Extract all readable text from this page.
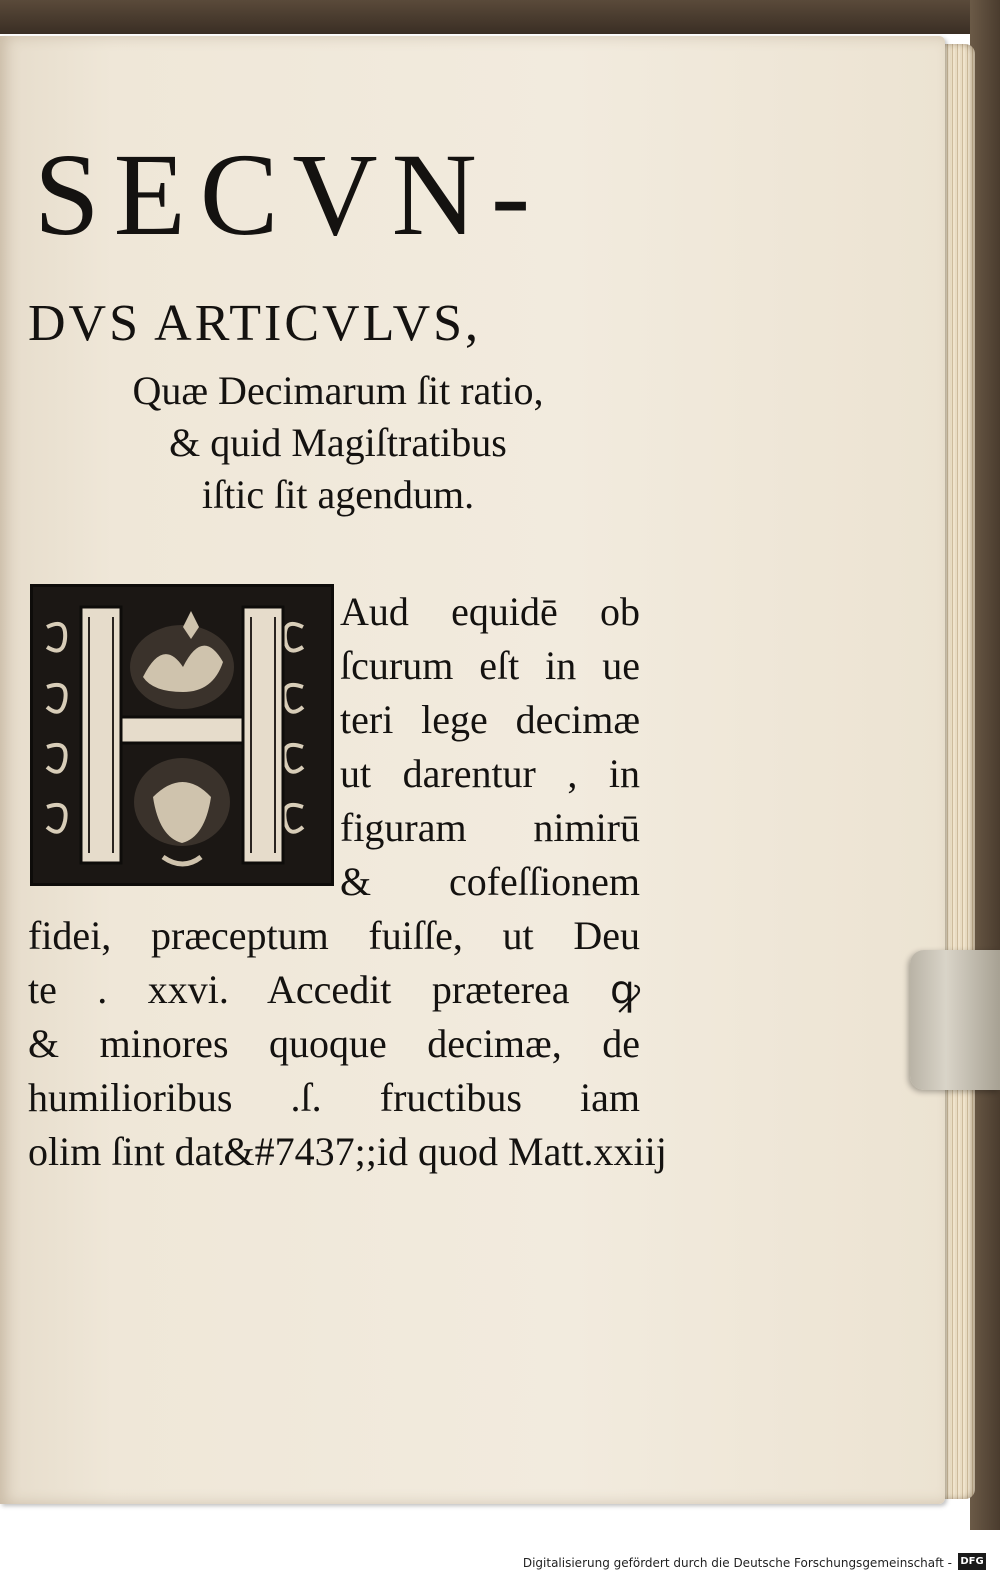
SECVN-
DVS ARTICVLVS,
Quæ Decimarum ſit ratio,
& quid Magiſtratibus
iſtic ſit agendum.
Aud equidē ob
ſcurum eſt in ue
teri lege decimæ
ut darentur , in
figuram nimirū
& cofeſſionem
fidei, præceptum fuiſſe, ut Deu
te . xxvi. Accedit prӕterea ꝙ
& minores quoque decimæ, de
humilioribus .ſ. fructibus iam
olim ſint dat&#7437;;id quod Matt.xxiij
Digitalisierung gefördert durch die Deutsche Forschungsgemeinschaft - DFG
